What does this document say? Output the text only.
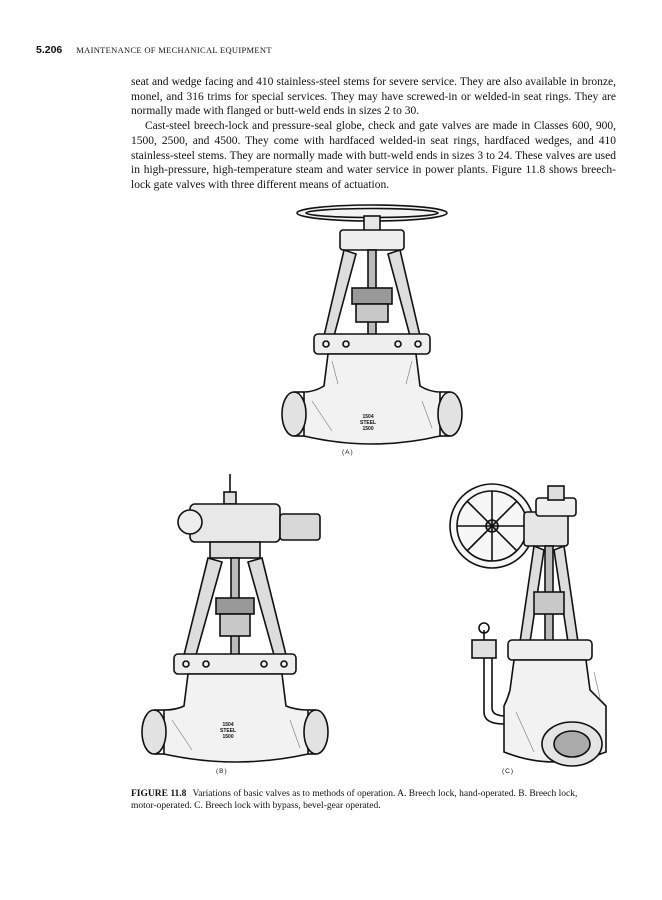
5.206 MAINTENANCE OF MECHANICAL EQUIPMENT

seat and wedge facing and 410 stainless-steel stems for severe service. They are also available in bronze, monel, and 316 trims for special services. They may have screwed-in or welded-in seat rings. They are normally made with flanged or butt-weld ends in sizes 2 to 30.

Cast-steel breech-lock and pressure-seal globe, check and gate valves are made in Classes 600, 900, 1500, 2500, and 4500. They come with hardfaced welded-in seat rings, hardfaced wedges, and 410 stainless-steel stems. They are normally made with butt-weld ends in sizes 3 to 24. These valves are used in high-pressure, high-temperature steam and water service in power plants. Figure 11.8 shows breech-lock gate valves with three different means of actuation.

1504
STEEL
1500
(A)
1504
STEEL
1500
(B)	(C)
FIGURE 11.8 Variations of basic valves as to methods of operation. A. Breech lock, hand-operated. B. Breech lock, motor-operated. C. Breech lock with bypass, bevel-gear operated.
